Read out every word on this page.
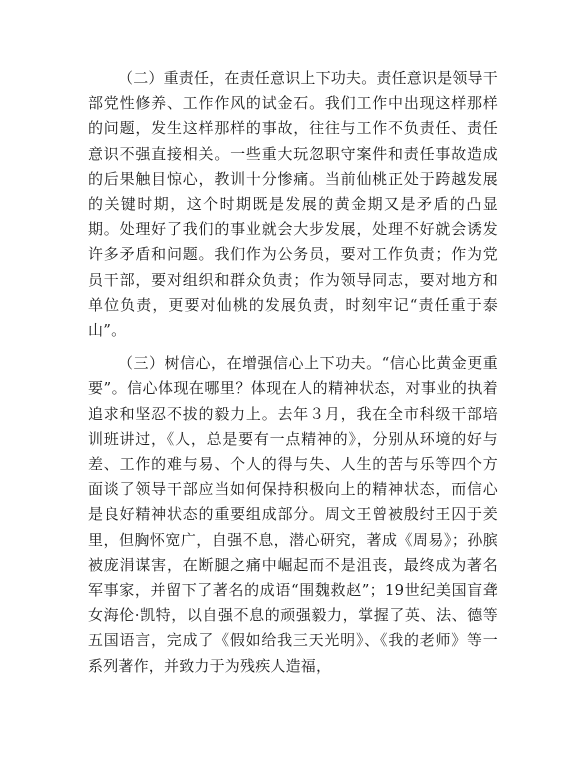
（二）重责任，在责任意识上下功夫。责任意识是领导干部党性修养、工作作风的试金石。我们工作中出现这样那样的问题，发生这样那样的事故，往往与工作不负责任、责任意识不强直接相关。一些重大玩忽职守案件和责任事故造成的后果触目惊心，教训十分惨痛。当前仙桃正处于跨越发展的关键时期，这个时期既是发展的黄金期又是矛盾的凸显期。处理好了我们的事业就会大步发展，处理不好就会诱发许多矛盾和问题。我们作为公务员，要对工作负责；作为党员干部，要对组织和群众负责；作为领导同志，要对地方和单位负责，更要对仙桃的发展负责，时刻牢记“责任重于泰山”。

（三）树信心，在增强信心上下功夫。“信心比黄金更重要”。信心体现在哪里？体现在人的精神状态，对事业的执着追求和坚忍不拔的毅力上。去年３月，我在全市科级干部培训班讲过，《人，总是要有一点精神的》，分别从环境的好与差、工作的难与易、个人的得与失、人生的苦与乐等四个方面谈了领导干部应当如何保持积极向上的精神状态，而信心是良好精神状态的重要组成部分。周文王曾被殷纣王囚于羑里，但胸怀宽广，自强不息，潜心研究，著成《周易》；孙膑被庞涓谋害，在断腿之痛中崛起而不是沮丧，最终成为著名军事家，并留下了著名的成语“围魏救赵”；19世纪美国盲聋女海伦·凯特，以自强不息的顽强毅力，掌握了英、法、德等五国语言，完成了《假如给我三天光明》、《我的老师》等一系列著作，并致力于为残疾人造福，
